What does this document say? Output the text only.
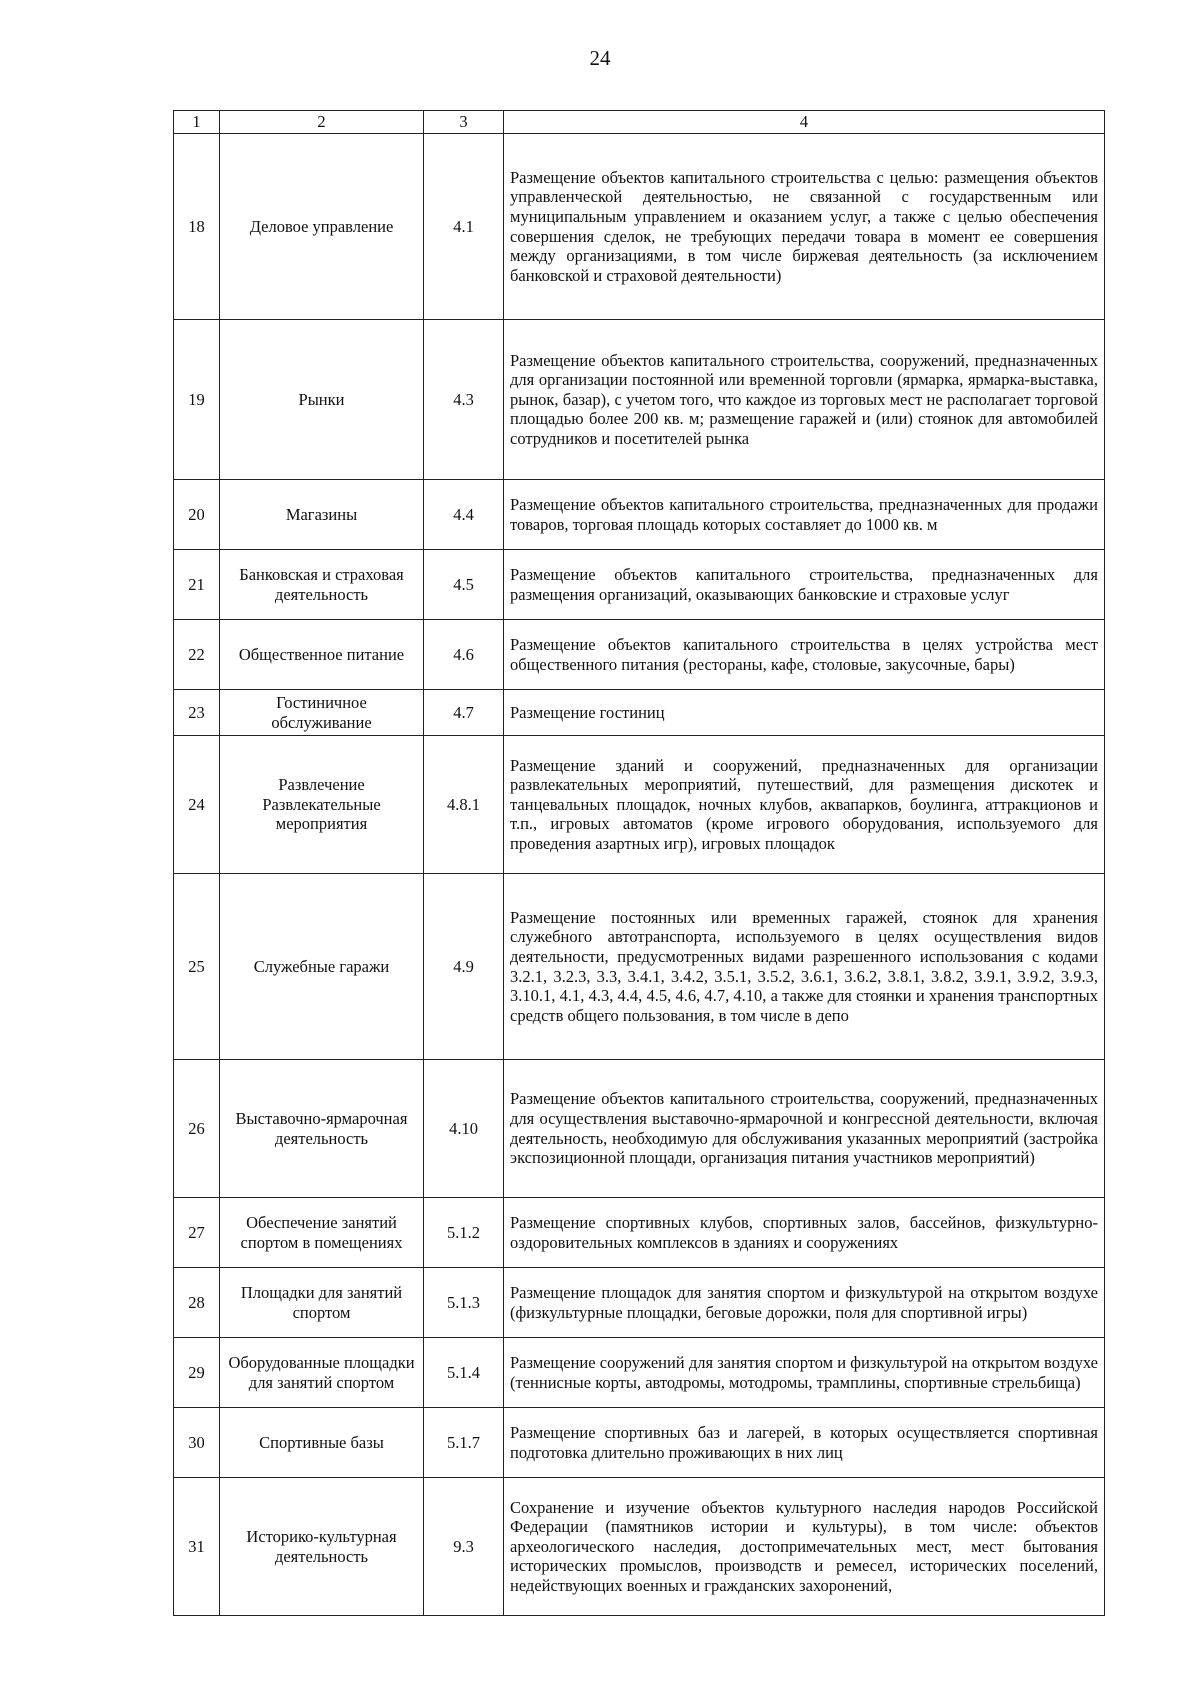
24
1	2	3	4
18	Деловое управление	4.1	Размещение объектов капитального строительства с целью: размещения объектов управленческой деятельностью, не связанной с государственным или муниципальным управлением и оказанием услуг, а также с целью обеспечения совершения сделок, не требующих передачи товара в момент ее совершения между организациями, в том числе биржевая деятельность (за исключением банковской и страховой деятельности)
19	Рынки	4.3	Размещение объектов капитального строительства, сооружений, предназначенных для организации постоянной или временной торговли (ярмарка, ярмарка-выставка, рынок, базар), с учетом того, что каждое из торговых мест не располагает торговой площадью более 200 кв. м; размещение гаражей и (или) стоянок для автомобилей сотрудников и посетителей рынка
20	Магазины	4.4	Размещение объектов капитального строительства, предназначенных для продажи товаров, торговая площадь которых составляет до 1000 кв. м
21	Банковская и страховая деятельность	4.5	Размещение объектов капитального строительства, предназначенных для размещения организаций, оказывающих банковские и страховые услуг
22	Общественное питание	4.6	Размещение объектов капитального строительства в целях устройства мест общественного питания (рестораны, кафе, столовые, закусочные, бары)
23	Гостиничное обслуживание	4.7	Размещение гостиниц
24	Развлечение Развлекательные мероприятия	4.8.1	Размещение зданий и сооружений, предназначенных для организации развлекательных мероприятий, путешествий, для размещения дискотек и танцевальных площадок, ночных клубов, аквапарков, боулинга, аттракционов и т.п., игровых автоматов (кроме игрового оборудования, используемого для проведения азартных игр), игровых площадок
25	Служебные гаражи	4.9	Размещение постоянных или временных гаражей, стоянок для хранения служебного автотранспорта, используемого в целях осуществления видов деятельности, предусмотренных видами разрешенного использования с кодами 3.2.1, 3.2.3, 3.3, 3.4.1, 3.4.2, 3.5.1, 3.5.2, 3.6.1, 3.6.2, 3.8.1, 3.8.2, 3.9.1, 3.9.2, 3.9.3, 3.10.1, 4.1, 4.3, 4.4, 4.5, 4.6, 4.7, 4.10, а также для стоянки и хранения транспортных средств общего пользования, в том числе в депо
26	Выставочно-ярмарочная деятельность	4.10	Размещение объектов капитального строительства, сооружений, предназначенных для осуществления выставочно-ярмарочной и конгрессной деятельности, включая деятельность, необходимую для обслуживания указанных мероприятий (застройка экспозиционной площади, организация питания участников мероприятий)
27	Обеспечение занятий спортом в помещениях	5.1.2	Размещение спортивных клубов, спортивных залов, бассейнов, физкультурно-оздоровительных комплексов в зданиях и сооружениях
28	Площадки для занятий спортом	5.1.3	Размещение площадок для занятия спортом и физкультурой на открытом воздухе (физкультурные площадки, беговые дорожки, поля для спортивной игры)
29	Оборудованные площадки для занятий спортом	5.1.4	Размещение сооружений для занятия спортом и физкультурой на открытом воздухе (теннисные корты, автодромы, мотодромы, трамплины, спортивные стрельбища)
30	Спортивные базы	5.1.7	Размещение спортивных баз и лагерей, в которых осуществляется спортивная подготовка длительно проживающих в них лиц
31	Историко-культурная деятельность	9.3	Сохранение и изучение объектов культурного наследия народов Российской Федерации (памятников истории и культуры), в том числе: объектов археологического наследия, достопримечательных мест, мест бытования исторических промыслов, производств и ремесел, исторических поселений, недействующих военных и гражданских захоронений,
